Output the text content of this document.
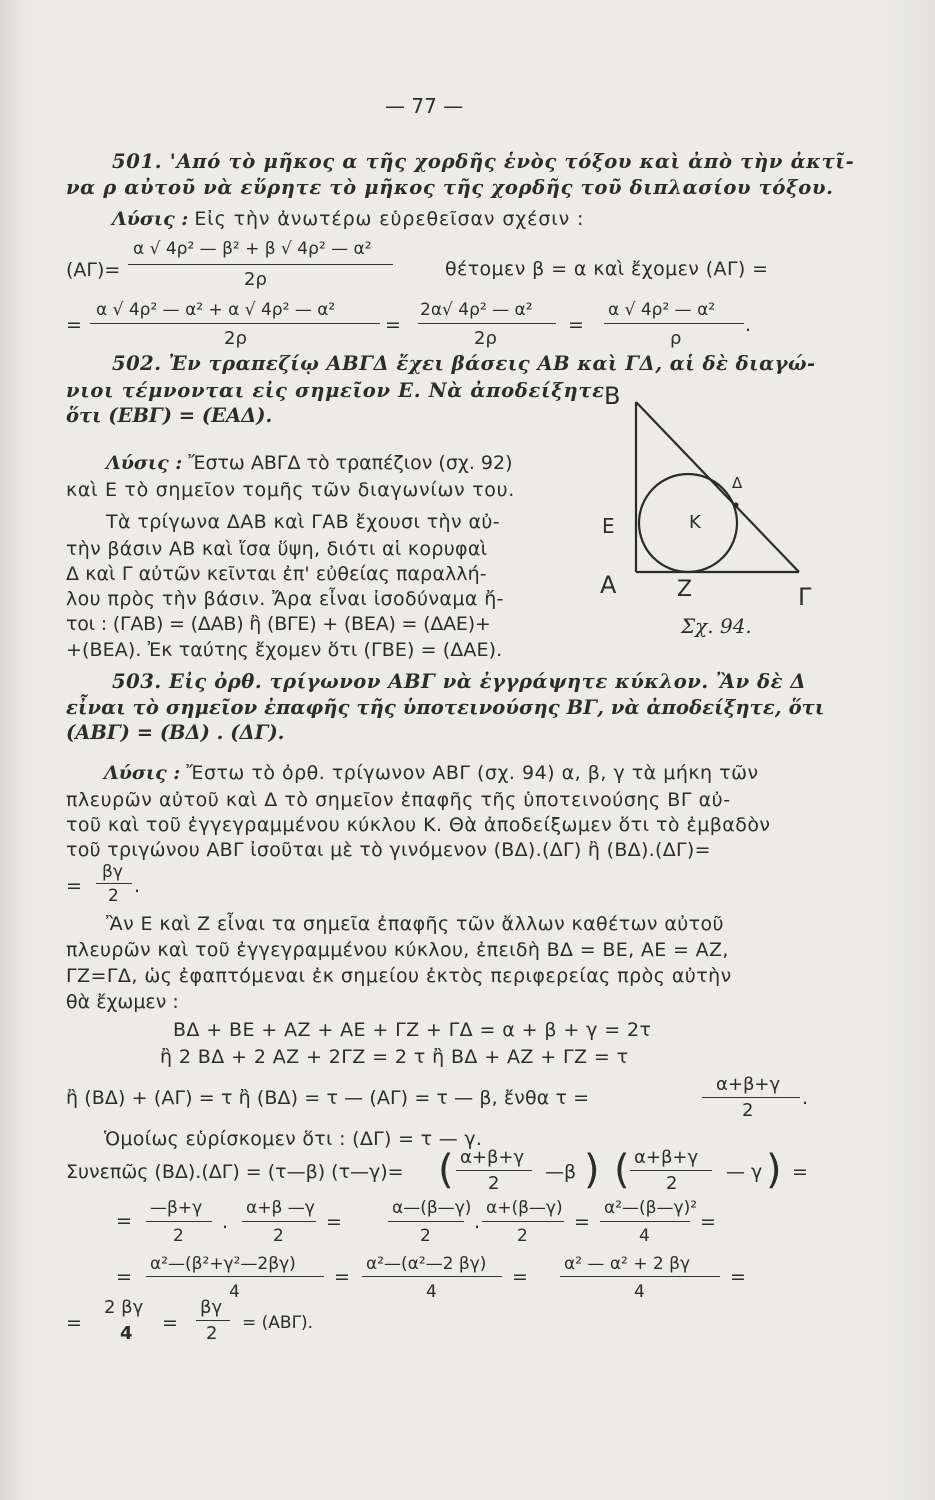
— 77 —
501. 'Από τὸ μῆκος α τῆς χορδῆς ἑνὸς τόξου καὶ ἀπὸ τὴν ἀκτῖ-
να ρ αὐτοῦ νὰ εὕρητε τὸ μῆκος τῆς χορδῆς τοῦ διπλασίου τόξου.
Λύσις : Εἰς τὴν ἀνωτέρω εὑρεθεῖσαν σχέσιν :
(ΑΓ)=
α √ 4ρ² — β² + β √ 4ρ² — α²
2ρ	θέτομεν β = α καὶ ἔχομεν (ΑΓ) =
=
α √ 4ρ² — α² + α √ 4ρ² — α²
2ρ
=
2α√ 4ρ² — α²
2ρ
=
α √ 4ρ² — α²
ρ
.
502. Ἐν τραπεζίῳ ΑΒΓΔ ἔχει βάσεις ΑΒ καὶ ΓΔ, αἱ δὲ διαγώ-
νιοι τέμνονται εἰς σημεῖον Ε. Νὰ ἀποδείξητε
ὅτι (ΕΒΓ) = (ΕΑΔ).
Λύσις : Ἔστω ΑΒΓΔ τὸ τραπέζιον (σχ. 92)
καὶ Ε τὸ σημεῖον τομῆς τῶν διαγωνίων του.
Τὰ τρίγωνα ΔΑΒ καὶ ΓΑΒ ἔχουσι τὴν αὐ-
τὴν βάσιν ΑΒ καὶ ἴσα ὕψη, διότι αἱ κορυφαὶ
Δ καὶ Γ αὐτῶν κεῖνται ἐπ' εὐθείας παραλλή-
λου πρὸς τὴν βάσιν. Ἄρα εἶναι ἰσοδύναμα ἤ-
τοι : (ΓΑΒ) = (ΔΑΒ) ἢ (ΒΓΕ) + (ΒΕΑ) = (ΔΑΕ)+
+(ΒΕΑ). Ἐκ ταύτης ἔχομεν ὅτι (ΓΒΕ) = (ΔΑΕ).
B
Δ
E	K
A	Z	Γ
Σχ. 94.
503. Εἰς ὀρθ. τρίγωνον ΑΒΓ νὰ ἐγγράψητε κύκλον. Ἂν δὲ Δ
εἶναι τὸ σημεῖον ἐπαφῆς τῆς ὑποτεινούσης ΒΓ, νὰ ἀποδείξητε, ὅτι
(ΑΒΓ) = (ΒΔ) . (ΔΓ).
Λύσις : Ἔστω τὸ ὀρθ. τρίγωνον ΑΒΓ (σχ. 94) α, β, γ τὰ μήκη τῶν
πλευρῶν αὐτοῦ καὶ Δ τὸ σημεῖον ἐπαφῆς τῆς ὑποτεινούσης ΒΓ αὐ-
τοῦ καὶ τοῦ ἐγγεγραμμένου κύκλου Κ. Θὰ ἀποδείξωμεν ὅτι τὸ ἐμβαδὸν
τοῦ τριγώνου ΑΒΓ ἰσοῦται μὲ τὸ γινόμενον (ΒΔ).(ΔΓ) ἢ (ΒΔ).(ΔΓ)=
=
βγ
2 .
Ἂν Ε καὶ Ζ εἶναι τα σημεῖα ἐπαφῆς τῶν ἄλλων καθέτων αὐτοῦ
πλευρῶν καὶ τοῦ ἐγγεγραμμένου κύκλου, ἐπειδὴ ΒΔ = ΒΕ, ΑΕ = ΑΖ,
ΓΖ=ΓΔ, ὡς ἐφαπτόμεναι ἐκ σημείου ἐκτὸς περιφερείας πρὸς αὐτὴν
θὰ ἔχωμεν :
ΒΔ + ΒΕ + ΑΖ + ΑΕ + ΓΖ + ΓΔ = α + β + γ = 2τ
ἢ 2 ΒΔ + 2 ΑΖ + 2ΓΖ = 2 τ ἢ ΒΔ + ΑΖ + ΓΖ = τ
ἢ (ΒΔ) + (ΑΓ) = τ ἢ (ΒΔ) = τ — (ΑΓ) = τ — β, ἔνθα τ =
α+β+γ
2
.
Ὁμοίως εὑρίσκομεν ὅτι : (ΔΓ) = τ — γ.
Συνεπῶς (ΒΔ).(ΔΓ) = (τ—β) (τ—γ)= ( α+β+γ
2
—β ) ( α+β+γ
2
— γ ) =
=
—β+γ
2
.
α+β —γ
2
=
α—(β—γ)
2
.
α+(β—γ)
2
=
α²—(β—γ)²
4
=
=
α²—(β²+γ²—2βγ)
4
=
α²—(α²—2 βγ)
4
=
α² — α² + 2 βγ
4
=
=
2 βγ
4 =
βγ
2 = (ΑΒΓ).
